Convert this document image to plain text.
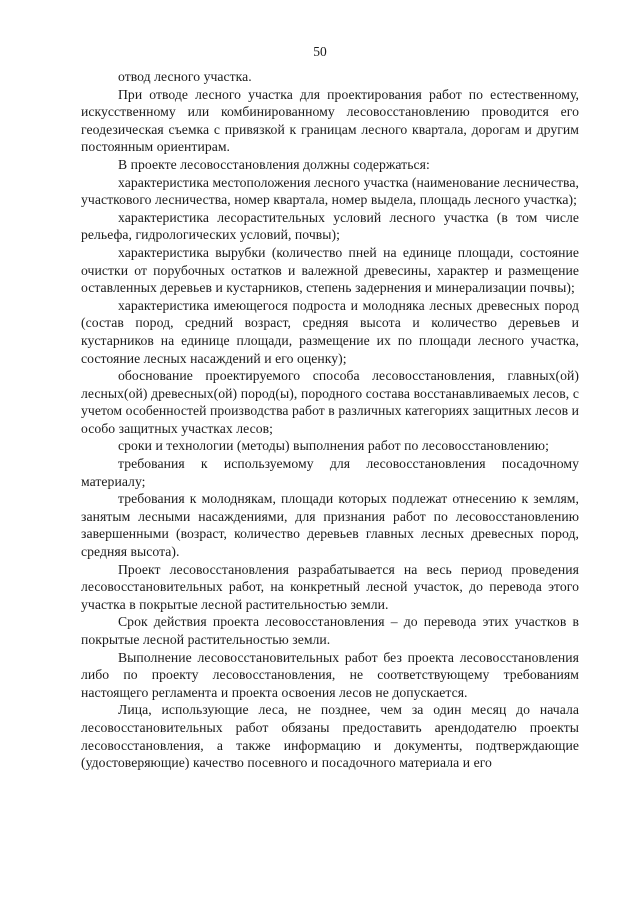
50

отвод лесного участка.

При отводе лесного участка для проектирования работ по естественному, искусственному или комбинированному лесовосстановлению проводится его геодезическая съемка с привязкой к границам лесного квартала, дорогам и другим постоянным ориентирам.

В проекте лесовосстановления должны содержаться:

характеристика местоположения лесного участка (наименование лесничества, участкового лесничества, номер квартала, номер выдела, площадь лесного участка);

характеристика лесорастительных условий лесного участка (в том числе рельефа, гидрологических условий, почвы);

характеристика вырубки (количество пней на единице площади, состояние очистки от порубочных остатков и валежной древесины, характер и размещение оставленных деревьев и кустарников, степень задернения и минерализации почвы);

характеристика имеющегося подроста и молодняка лесных древесных пород (состав пород, средний возраст, средняя высота и количество деревьев и кустарников на единице площади, размещение их по площади лесного участка, состояние лесных насаждений и его оценку);

обоснование проектируемого способа лесовосстановления, главных(ой) лесных(ой) древесных(ой) пород(ы), породного состава восстанавливаемых лесов, с учетом особенностей производства работ в различных категориях защитных лесов и особо защитных участках лесов;

сроки и технологии (методы) выполнения работ по лесовосстановлению;

требования к используемому для лесовосстановления посадочному материалу;

требования к молоднякам, площади которых подлежат отнесению к землям, занятым лесными насаждениями, для признания работ по лесовосстановлению завершенными (возраст, количество деревьев главных лесных древесных пород, средняя высота).

Проект лесовосстановления разрабатывается на весь период проведения лесовосстановительных работ, на конкретный лесной участок, до перевода этого участка в покрытые лесной растительностью земли.

Срок действия проекта лесовосстановления – до перевода этих участков в покрытые лесной растительностью земли.

Выполнение лесовосстановительных работ без проекта лесовосстановления либо по проекту лесовосстановления, не соответствующему требованиям настоящего регламента и проекта освоения лесов не допускается.

Лица, использующие леса, не позднее, чем за один месяц до начала лесовосстановительных работ обязаны предоставить арендодателю проекты лесовосстановления, а также информацию и документы, подтверждающие (удостоверяющие) качество посевного и посадочного материала и его
